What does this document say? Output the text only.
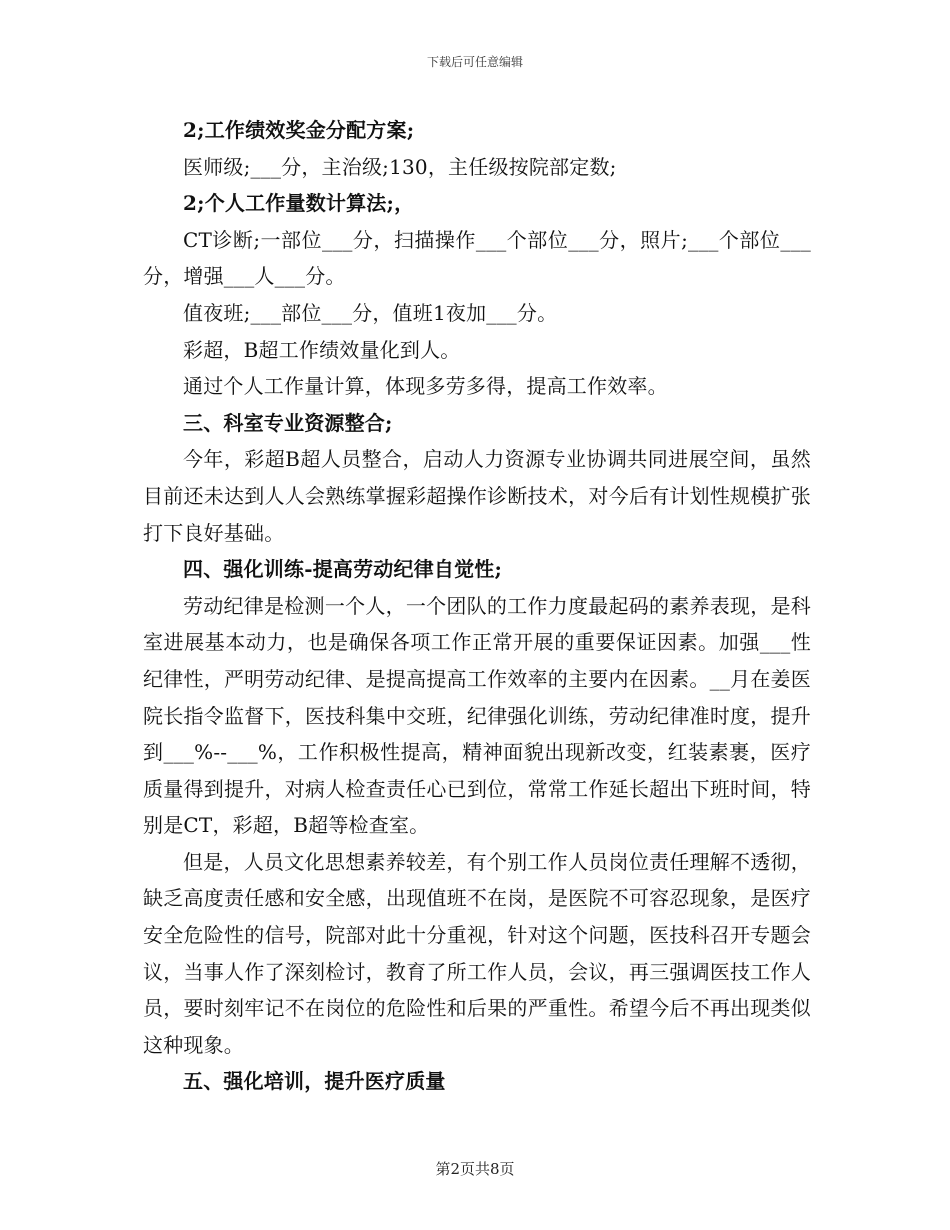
下载后可任意编辑

2;工作绩效奖金分配方案;

医师级;___分，主治级;130，主任级按院部定数;

2;个人工作量数计算法;，

CT诊断;一部位___分，扫描操作___个部位___分，照片;___个部位___分，增强___人___分。

值夜班;___部位___分，值班1夜加___分。

彩超，B超工作绩效量化到人。

通过个人工作量计算，体现多劳多得，提高工作效率。

三、科室专业资源整合;

今年，彩超B超人员整合，启动人力资源专业协调共同进展空间，虽然目前还未达到人人会熟练掌握彩超操作诊断技术，对今后有计划性规模扩张打下良好基础。

四、强化训练-提高劳动纪律自觉性;

劳动纪律是检测一个人，一个团队的工作力度最起码的素养表现，是科室进展基本动力，也是确保各项工作正常开展的重要保证因素。加强___性纪律性，严明劳动纪律、是提高提高工作效率的主要内在因素。__月在姜医院长指令监督下，医技科集中交班，纪律强化训练，劳动纪律准时度，提升到___%--___%，工作积极性提高，精神面貌出现新改变，红装素裹，医疗质量得到提升，对病人检查责任心已到位，常常工作延长超出下班时间，特别是CT，彩超，B超等检查室。

但是，人员文化思想素养较差，有个别工作人员岗位责任理解不透彻，缺乏高度责任感和安全感，出现值班不在岗，是医院不可容忍现象，是医疗安全危险性的信号，院部对此十分重视，针对这个问题，医技科召开专题会议，当事人作了深刻检讨，教育了所工作人员，会议，再三强调医技工作人员，要时刻牢记不在岗位的危险性和后果的严重性。希望今后不再出现类似这种现象。

五、强化培训，提升医疗质量

第2页共8页
